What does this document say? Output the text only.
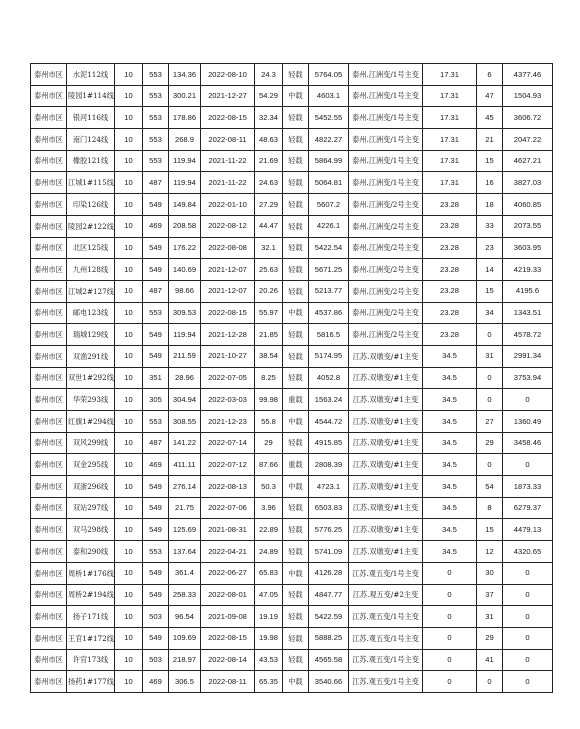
泰州市区	水泥112线	10	553	134.36	2022-08-10	24.3	轻载	5764.05	泰州.江洲变/1号主变	17.31	6	4377.46
泰州市区	陵园1#114线	10	553	300.21	2021-12-27	54.29	中载	4603.1	泰州.江洲变/1号主变	17.31	47	1504.93
泰州市区	银河116线	10	553	178.86	2022-08-15	32.34	轻载	5452.55	泰州.江洲变/1号主变	17.31	45	3606.72
泰州市区	南门124线	10	553	268.9	2022-08-11	48.63	轻载	4822.27	泰州.江洲变/1号主变	17.31	21	2047.22
泰州市区	橡胶121线	10	553	119.94	2021-11-22	21.69	轻载	5864.99	泰州.江洲变/1号主变	17.31	15	4627.21
泰州市区	江城1#115线	10	487	119.94	2021-11-22	24.63	轻载	5064.81	泰州.江洲变/1号主变	17.31	16	3827.03
泰州市区	印染126线	10	549	149.84	2022-01-10	27.29	轻载	5607.2	泰州.江洲变/2号主变	23.28	18	4060.85
泰州市区	陵园2#122线	10	469	208.58	2022-08-12	44.47	轻载	4226.1	泰州.江洲变/2号主变	23.28	33	2073.55
泰州市区	北区125线	10	549	176.22	2022-08-08	32.1	轻载	5422.54	泰州.江洲变/2号主变	23.28	23	3603.95
泰州市区	九州128线	10	549	140.69	2021-12-07	25.63	轻载	5671.25	泰州.江洲变/2号主变	23.28	14	4219.33
泰州市区	江城2#127线	10	487	98.66	2021-12-07	20.26	轻载	5213.77	泰州.江洲变/2号主变	23.28	15	4195.6
泰州市区	邮电123线	10	553	309.53	2022-08-15	55.97	中载	4537.86	泰州.江洲变/2号主变	23.28	34	1343.51
泰州市区	瑞城129线	10	549	119.94	2021-12-28	21.85	轻载	5816.5	泰州.江洲变/2号主变	23.28	0	4578.72
泰州市区	双渔291线	10	549	211.59	2021-10-27	38.54	轻载	5174.95	江苏.双墩变/#1主变	34.5	31	2991.34
泰州市区	双世1#292线	10	351	28.96	2022-07-05	8.25	轻载	4052.8	江苏.双墩变/#1主变	34.5	0	3753.94
泰州市区	华荣293线	10	305	304.94	2022-03-03	99.98	重载	1563.24	江苏.双墩变/#1主变	34.5	0	0
泰州市区	红旗1#294线	10	553	308.55	2021-12-23	55.8	中载	4544.72	江苏.双墩变/#1主变	34.5	27	1360.49
泰州市区	双风299线	10	487	141.22	2022-07-14	29	轻载	4915.85	江苏.双墩变/#1主变	34.5	29	3458.46
泰州市区	双金295线	10	469	411.11	2022-07-12	87.66	重载	2808.39	江苏.双墩变/#1主变	34.5	0	0
泰州市区	双浙296线	10	549	276.14	2022-08-13	50.3	中载	4723.1	江苏.双墩变/#1主变	34.5	54	1873.33
泰州市区	双站297线	10	549	21.75	2022-07-06	3.96	轻载	6503.83	江苏.双墩变/#1主变	34.5	8	6279.37
泰州市区	双马298线	10	549	125.69	2021-08-31	22.89	轻载	5776.25	江苏.双墩变/#1主变	34.5	15	4479.13
泰州市区	泰和290线	10	553	137.64	2022-04-21	24.89	轻载	5741.09	江苏.双墩变/#1主变	34.5	12	4320.65
泰州市区	周桥1#176线	10	549	361.4	2022-06-27	65.83	中载	4126.28	江苏.观五变/1号主变	0	30	0
泰州市区	周桥2#194线	10	549	258.33	2022-08-01	47.05	轻载	4847.77	江苏.观五变/#2主变	0	37	0
泰州市区	扬子171线	10	503	96.54	2021-09-08	19.19	轻载	5422.59	江苏.观五变/1号主变	0	31	0
泰州市区	王官1#172线	10	549	109.69	2022-08-15	19.98	轻载	5888.25	江苏.观五变/1号主变	0	29	0
泰州市区	许官173线	10	503	218.97	2022-08-14	43.53	轻载	4565.58	江苏.观五变/1号主变	0	41	0
泰州市区	扬药1#177线	10	469	306.5	2022-08-11	65.35	中载	3540.66	江苏.观五变/1号主变	0	0	0
